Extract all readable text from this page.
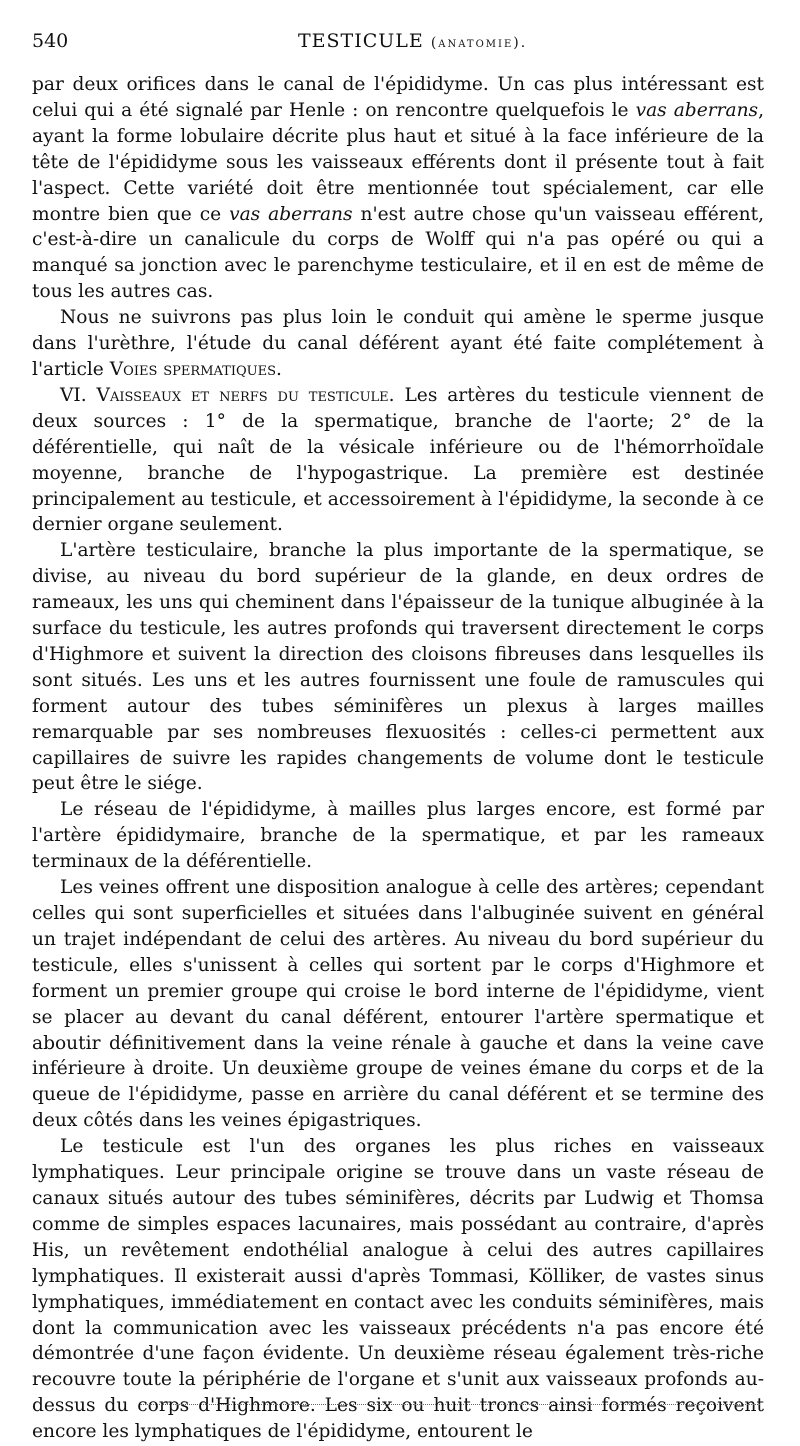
540	TESTICULE (anatomie).

par deux orifices dans le canal de l'épididyme. Un cas plus intéressant est celui qui a été signalé par Henle : on rencontre quelquefois le vas aberrans, ayant la forme lobulaire décrite plus haut et situé à la face inférieure de la tête de l'épididyme sous les vaisseaux efférents dont il présente tout à fait l'aspect. Cette variété doit être mentionnée tout spécialement, car elle montre bien que ce vas aberrans n'est autre chose qu'un vaisseau efférent, c'est-à-dire un canalicule du corps de Wolff qui n'a pas opéré ou qui a manqué sa jonction avec le parenchyme testiculaire, et il en est de même de tous les autres cas.

Nous ne suivrons pas plus loin le conduit qui amène le sperme jusque dans l'urèthre, l'étude du canal déférent ayant été faite complétement à l'article Voies spermatiques.

VI. Vaisseaux et nerfs du testicule. Les artères du testicule viennent de deux sources : 1° de la spermatique, branche de l'aorte; 2° de la déférentielle, qui naît de la vésicale inférieure ou de l'hémorrhoïdale moyenne, branche de l'hypogastrique. La première est destinée principalement au testicule, et accessoirement à l'épididyme, la seconde à ce dernier organe seulement.

L'artère testiculaire, branche la plus importante de la spermatique, se divise, au niveau du bord supérieur de la glande, en deux ordres de rameaux, les uns qui cheminent dans l'épaisseur de la tunique albuginée à la surface du testicule, les autres profonds qui traversent directement le corps d'Highmore et suivent la direction des cloisons fibreuses dans lesquelles ils sont situés. Les uns et les autres fournissent une foule de ramuscules qui forment autour des tubes séminifères un plexus à larges mailles remarquable par ses nombreuses flexuosités : celles-ci permettent aux capillaires de suivre les rapides changements de volume dont le testicule peut être le siége.

Le réseau de l'épididyme, à mailles plus larges encore, est formé par l'artère épididymaire, branche de la spermatique, et par les rameaux terminaux de la déférentielle.

Les veines offrent une disposition analogue à celle des artères; cependant celles qui sont superficielles et situées dans l'albuginée suivent en général un trajet indépendant de celui des artères. Au niveau du bord supérieur du testicule, elles s'unissent à celles qui sortent par le corps d'Highmore et forment un premier groupe qui croise le bord interne de l'épididyme, vient se placer au devant du canal déférent, entourer l'artère spermatique et aboutir définitivement dans la veine rénale à gauche et dans la veine cave inférieure à droite. Un deuxième groupe de veines émane du corps et de la queue de l'épididyme, passe en arrière du canal déférent et se termine des deux côtés dans les veines épigastriques.

Le testicule est l'un des organes les plus riches en vaisseaux lymphatiques. Leur principale origine se trouve dans un vaste réseau de canaux situés autour des tubes séminifères, décrits par Ludwig et Thomsa comme de simples espaces lacunaires, mais possédant au contraire, d'après His, un revêtement endothélial analogue à celui des autres capillaires lymphatiques. Il existerait aussi d'après Tommasi, Kölliker, de vastes sinus lymphatiques, immédiatement en contact avec les conduits séminifères, mais dont la communication avec les vaisseaux précédents n'a pas encore été démontrée d'une façon évidente. Un deuxième réseau également très-riche recouvre toute la périphérie de l'organe et s'unit aux vaisseaux profonds au-dessus du corps d'Highmore. Les six ou huit troncs ainsi formés reçoivent encore les lymphatiques de l'épididyme, entourent le
